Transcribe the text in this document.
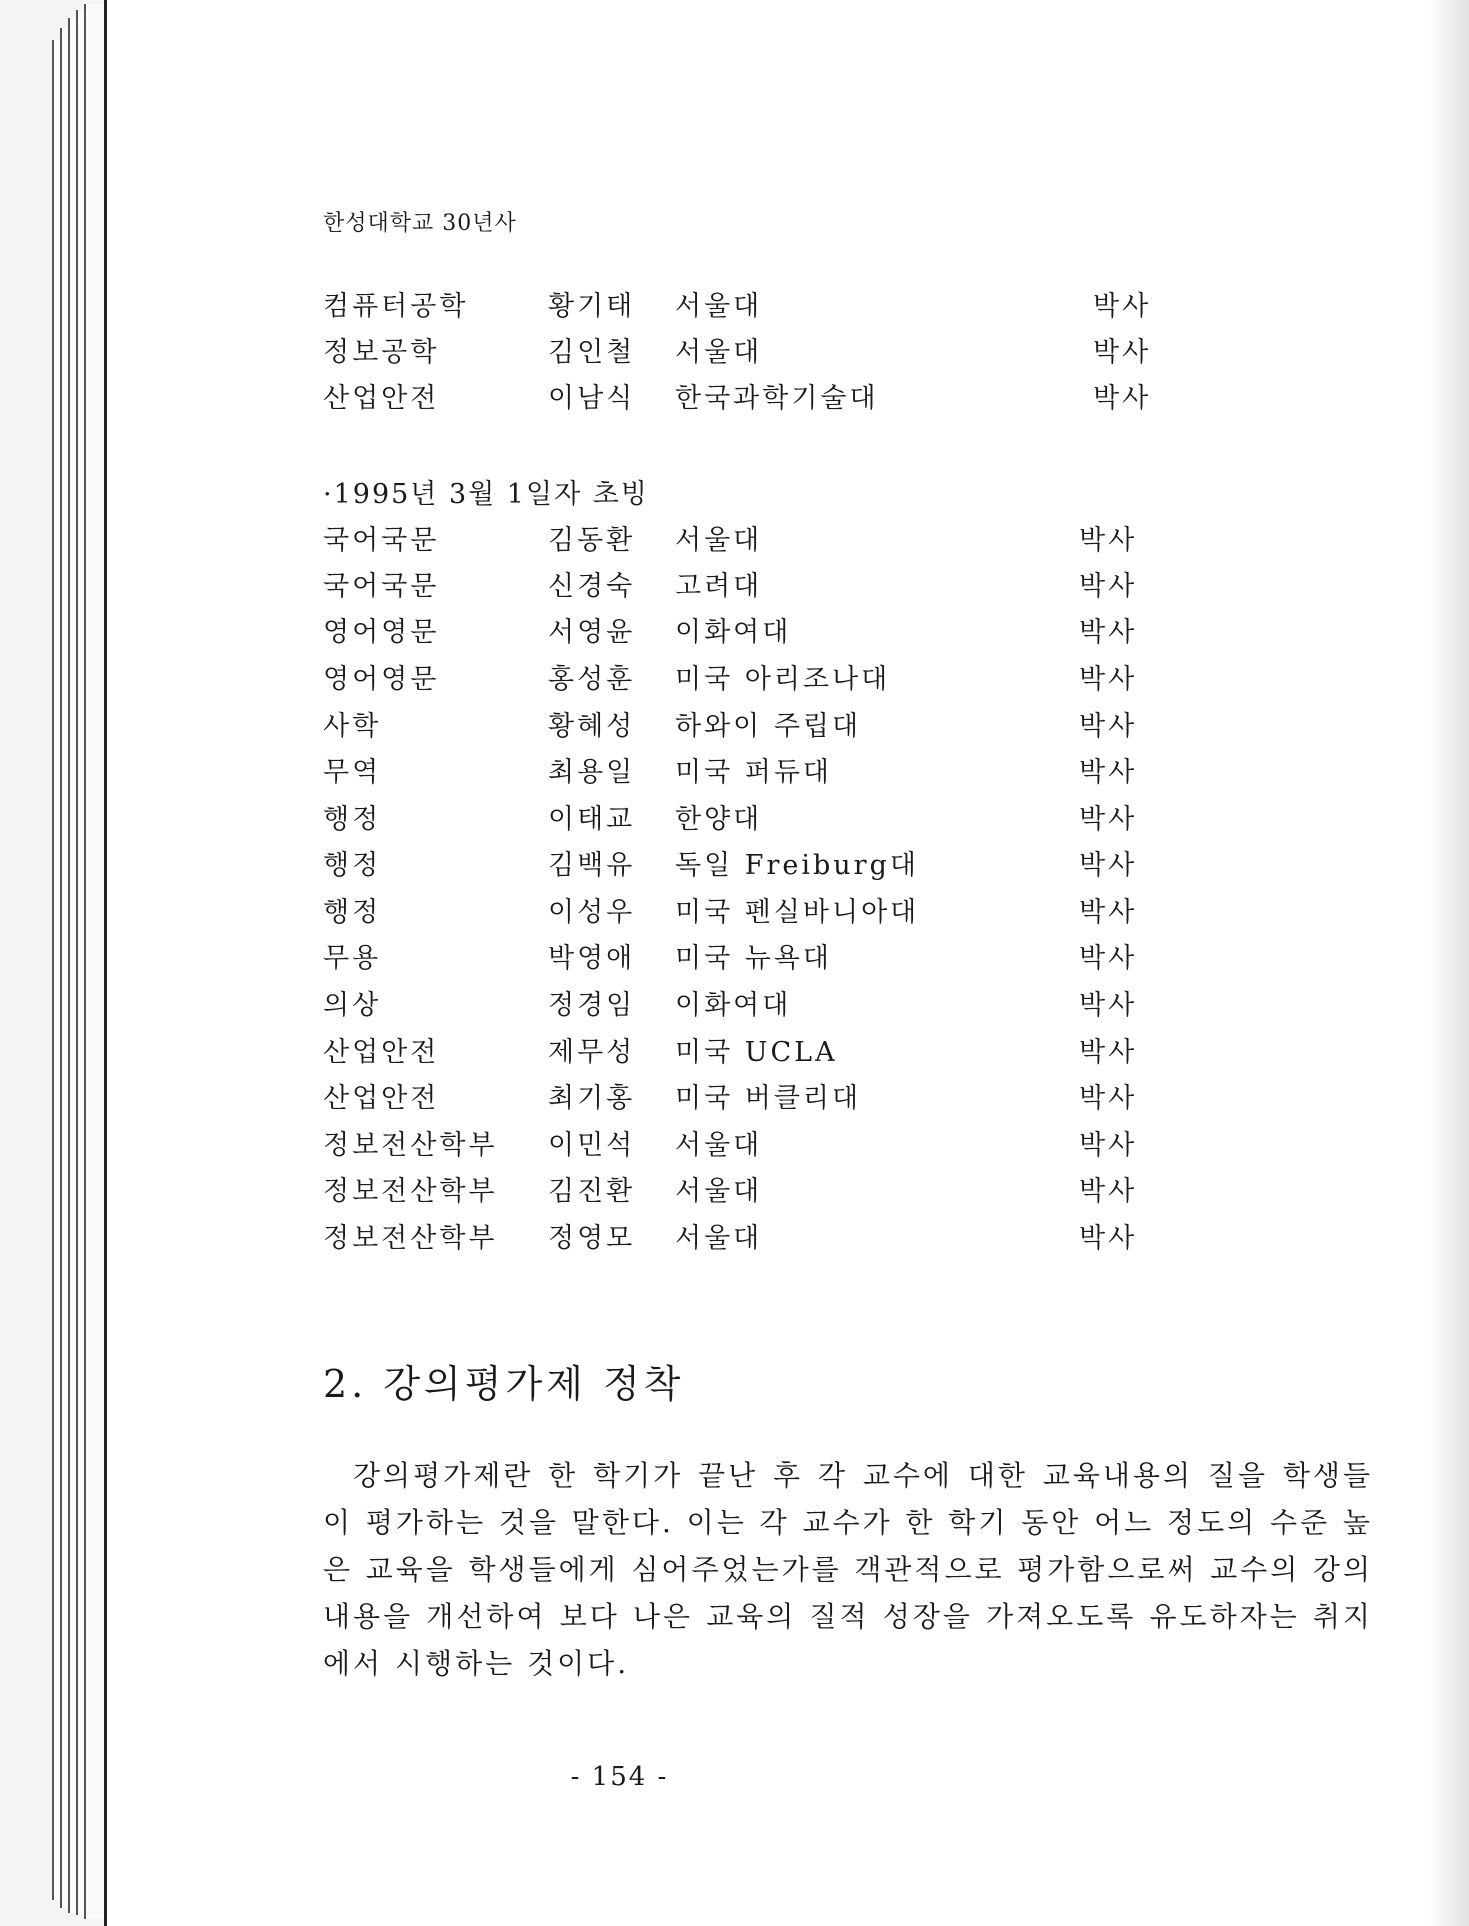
한성대학교 30년사
컴퓨터공학	황기태 서울대	박사
정보공학	김인철 서울대	박사
산업안전	이남식 한국과학기술대	박사
·1995년 3월 1일자 초빙
국어국문	김동환 서울대	박사
국어국문	신경숙 고려대	박사
영어영문	서영윤 이화여대	박사
영어영문	홍성훈 미국 아리조나대	박사
사학	황혜성 하와이 주립대	박사
무역	최용일 미국 퍼듀대	박사
행정	이태교 한양대	박사
행정	김백유 독일 Freiburg대	박사
행정	이성우 미국 펜실바니아대	박사
무용	박영애 미국 뉴욕대	박사
의상	정경임 이화여대	박사
산업안전	제무성 미국 UCLA	박사
산업안전	최기홍 미국 버클리대	박사
정보전산학부 이민석 서울대	박사
정보전산학부 김진환 서울대	박사
정보전산학부 정영모 서울대	박사
2. 강의평가제 정착
강의평가제란 한 학기가 끝난 후 각 교수에 대한 교육내용의 질을 학생들이 평가하는 것을 말한다. 이는 각 교수가 한 학기 동안 어느 정도의 수준 높은 교육을 학생들에게 심어주었는가를 객관적으로 평가함으로써 교수의 강의내용을 개선하여 보다 나은 교육의 질적 성장을 가져오도록 유도하자는 취지에서 시행하는 것이다.
- 154 -
